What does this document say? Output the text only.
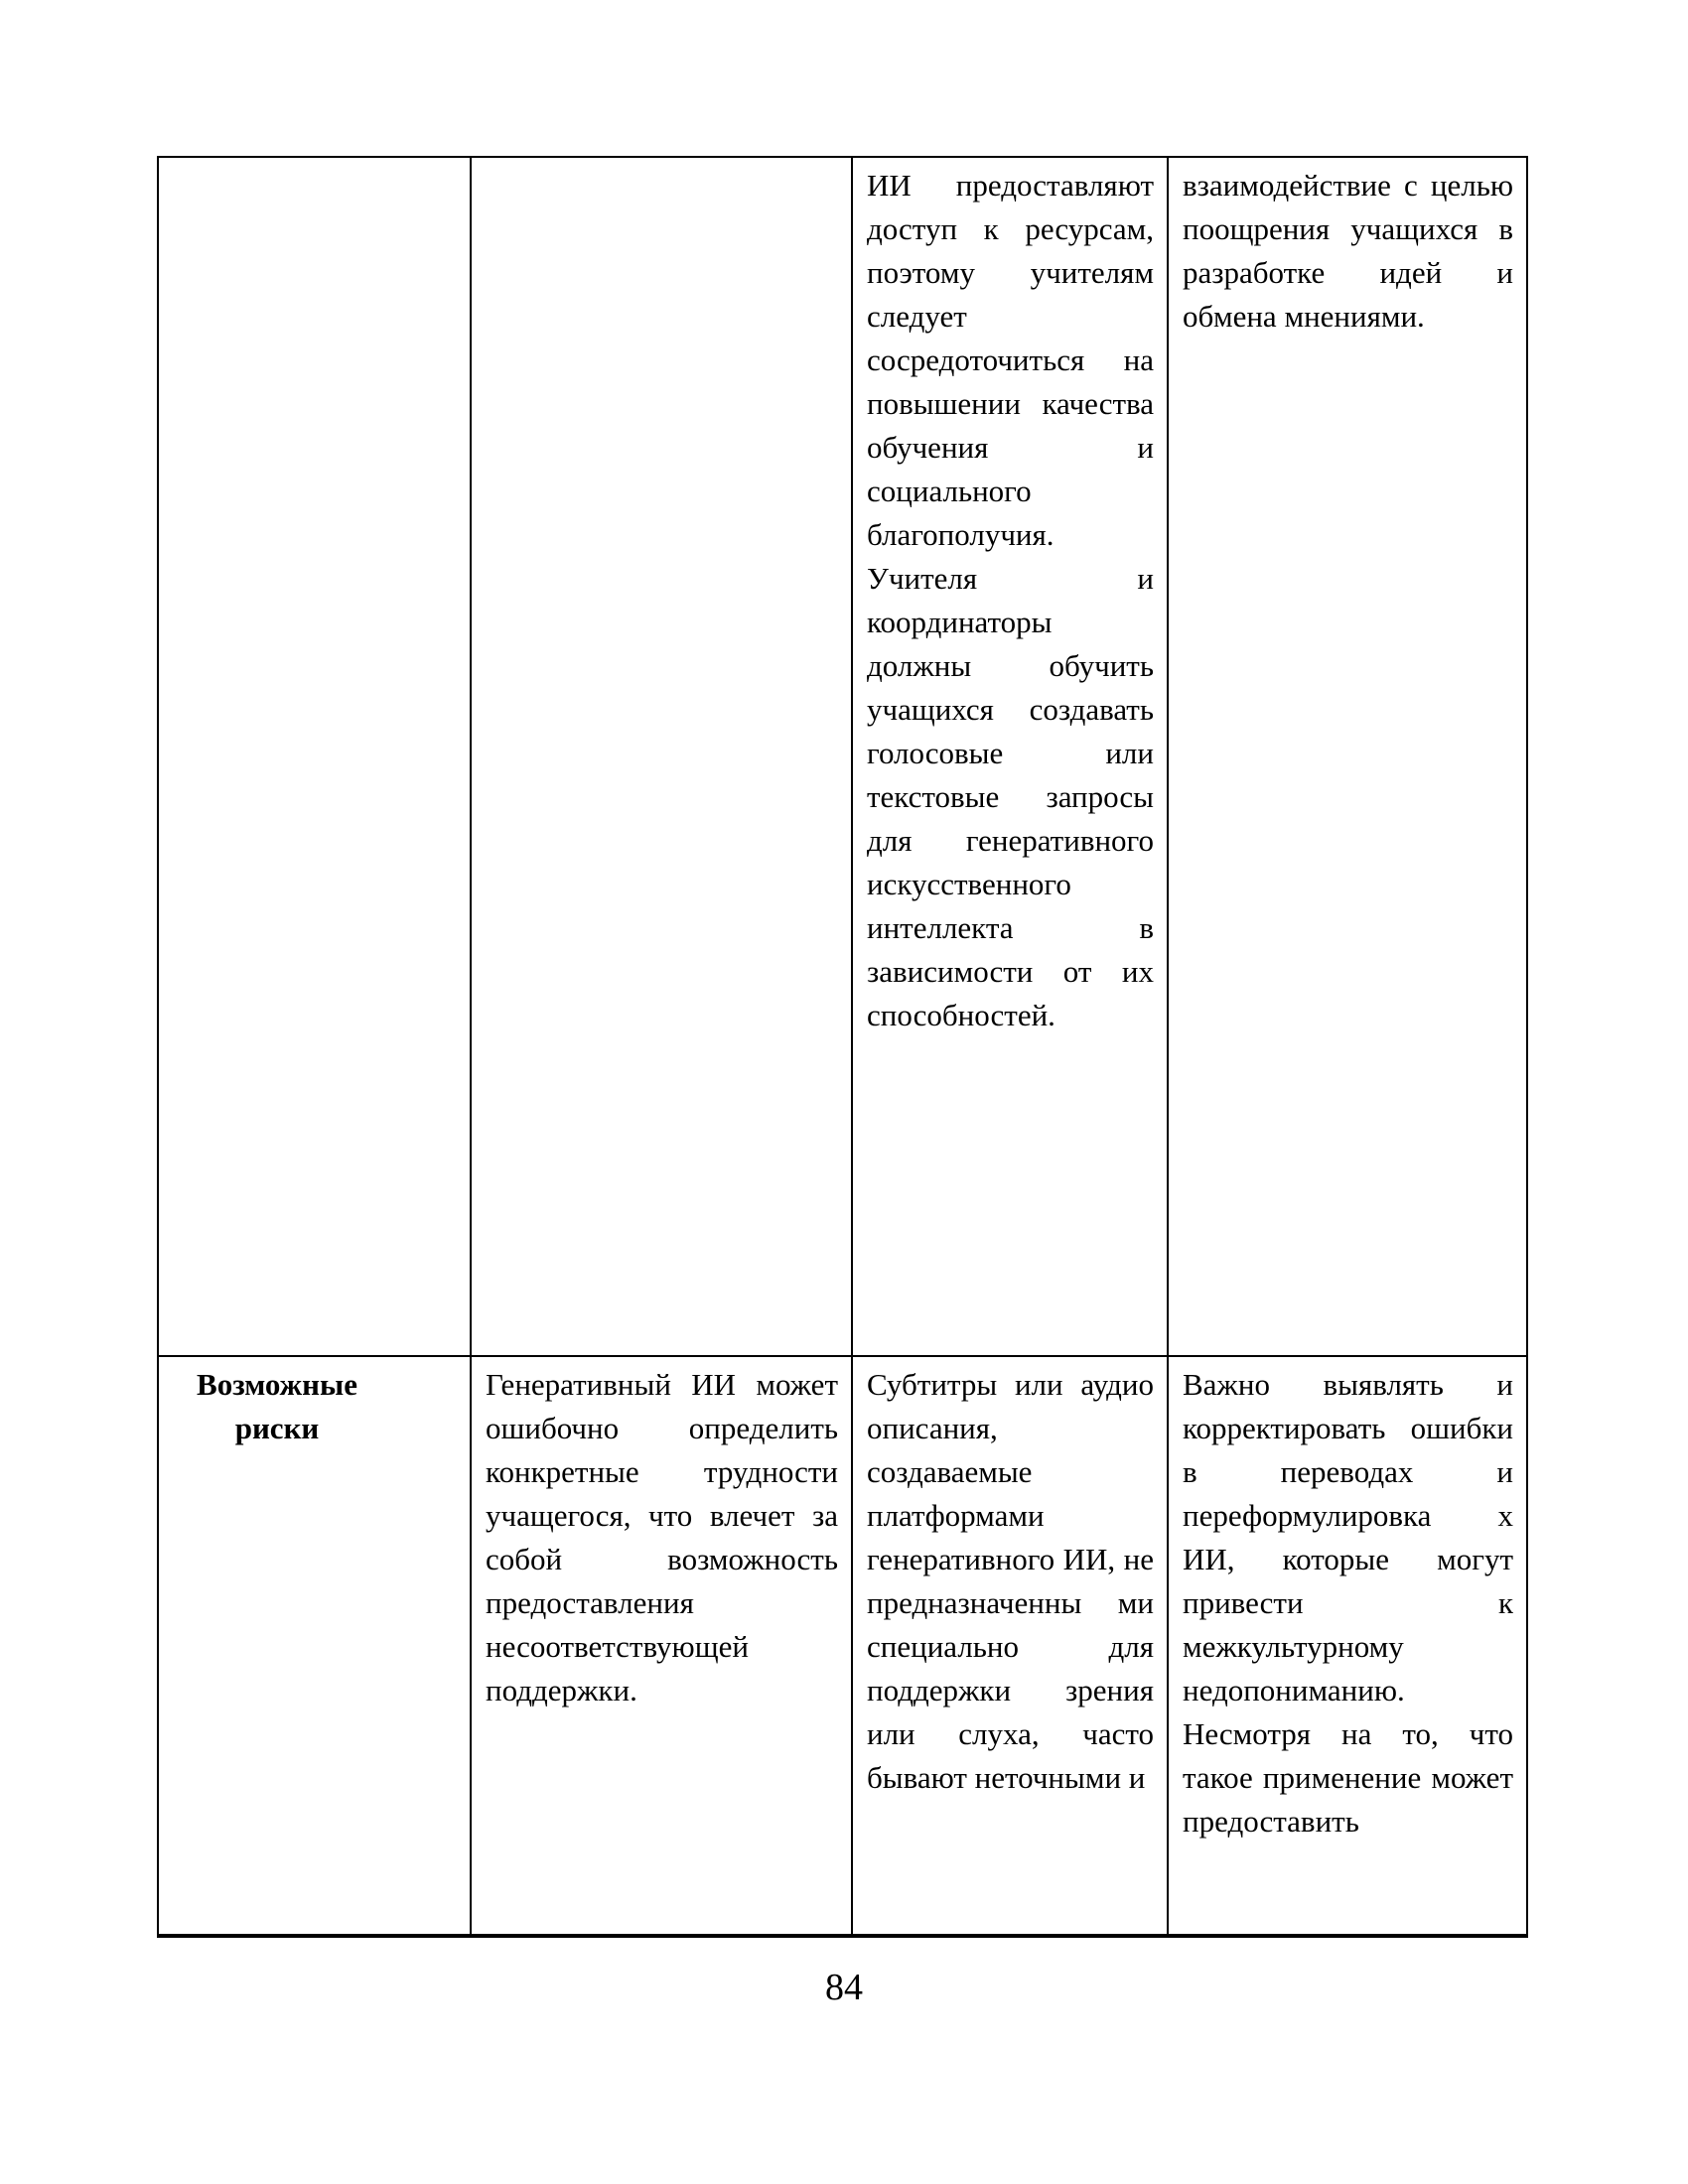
		ИИ предоставляют доступ к ресурсам, поэтому учителям следует сосредоточиться на повышении качества обучения и социального благополучия. Учителя и координаторы должны обучить учащихся создавать голосовые или текстовые запросы для генеративного искусственного интеллекта в зависимости от их способностей.	взаимодействие с целью поощрения учащихся в разработке идей и обмена мнениями.

Возможные риски	Генеративный ИИ может ошибочно определить конкретные трудности учащегося, что влечет за собой возможность предоставления несоответствующей поддержки.	Субтитры или аудио описания, создаваемые платформами генеративного ИИ, не предназначенны ми специально для поддержки зрения или слуха, часто бывают неточными и	Важно выявлять и корректировать ошибки в переводах и переформулировка х ИИ, которые могут привести к межкультурному недопониманию. Несмотря на то, что такое применение может предоставить
84
